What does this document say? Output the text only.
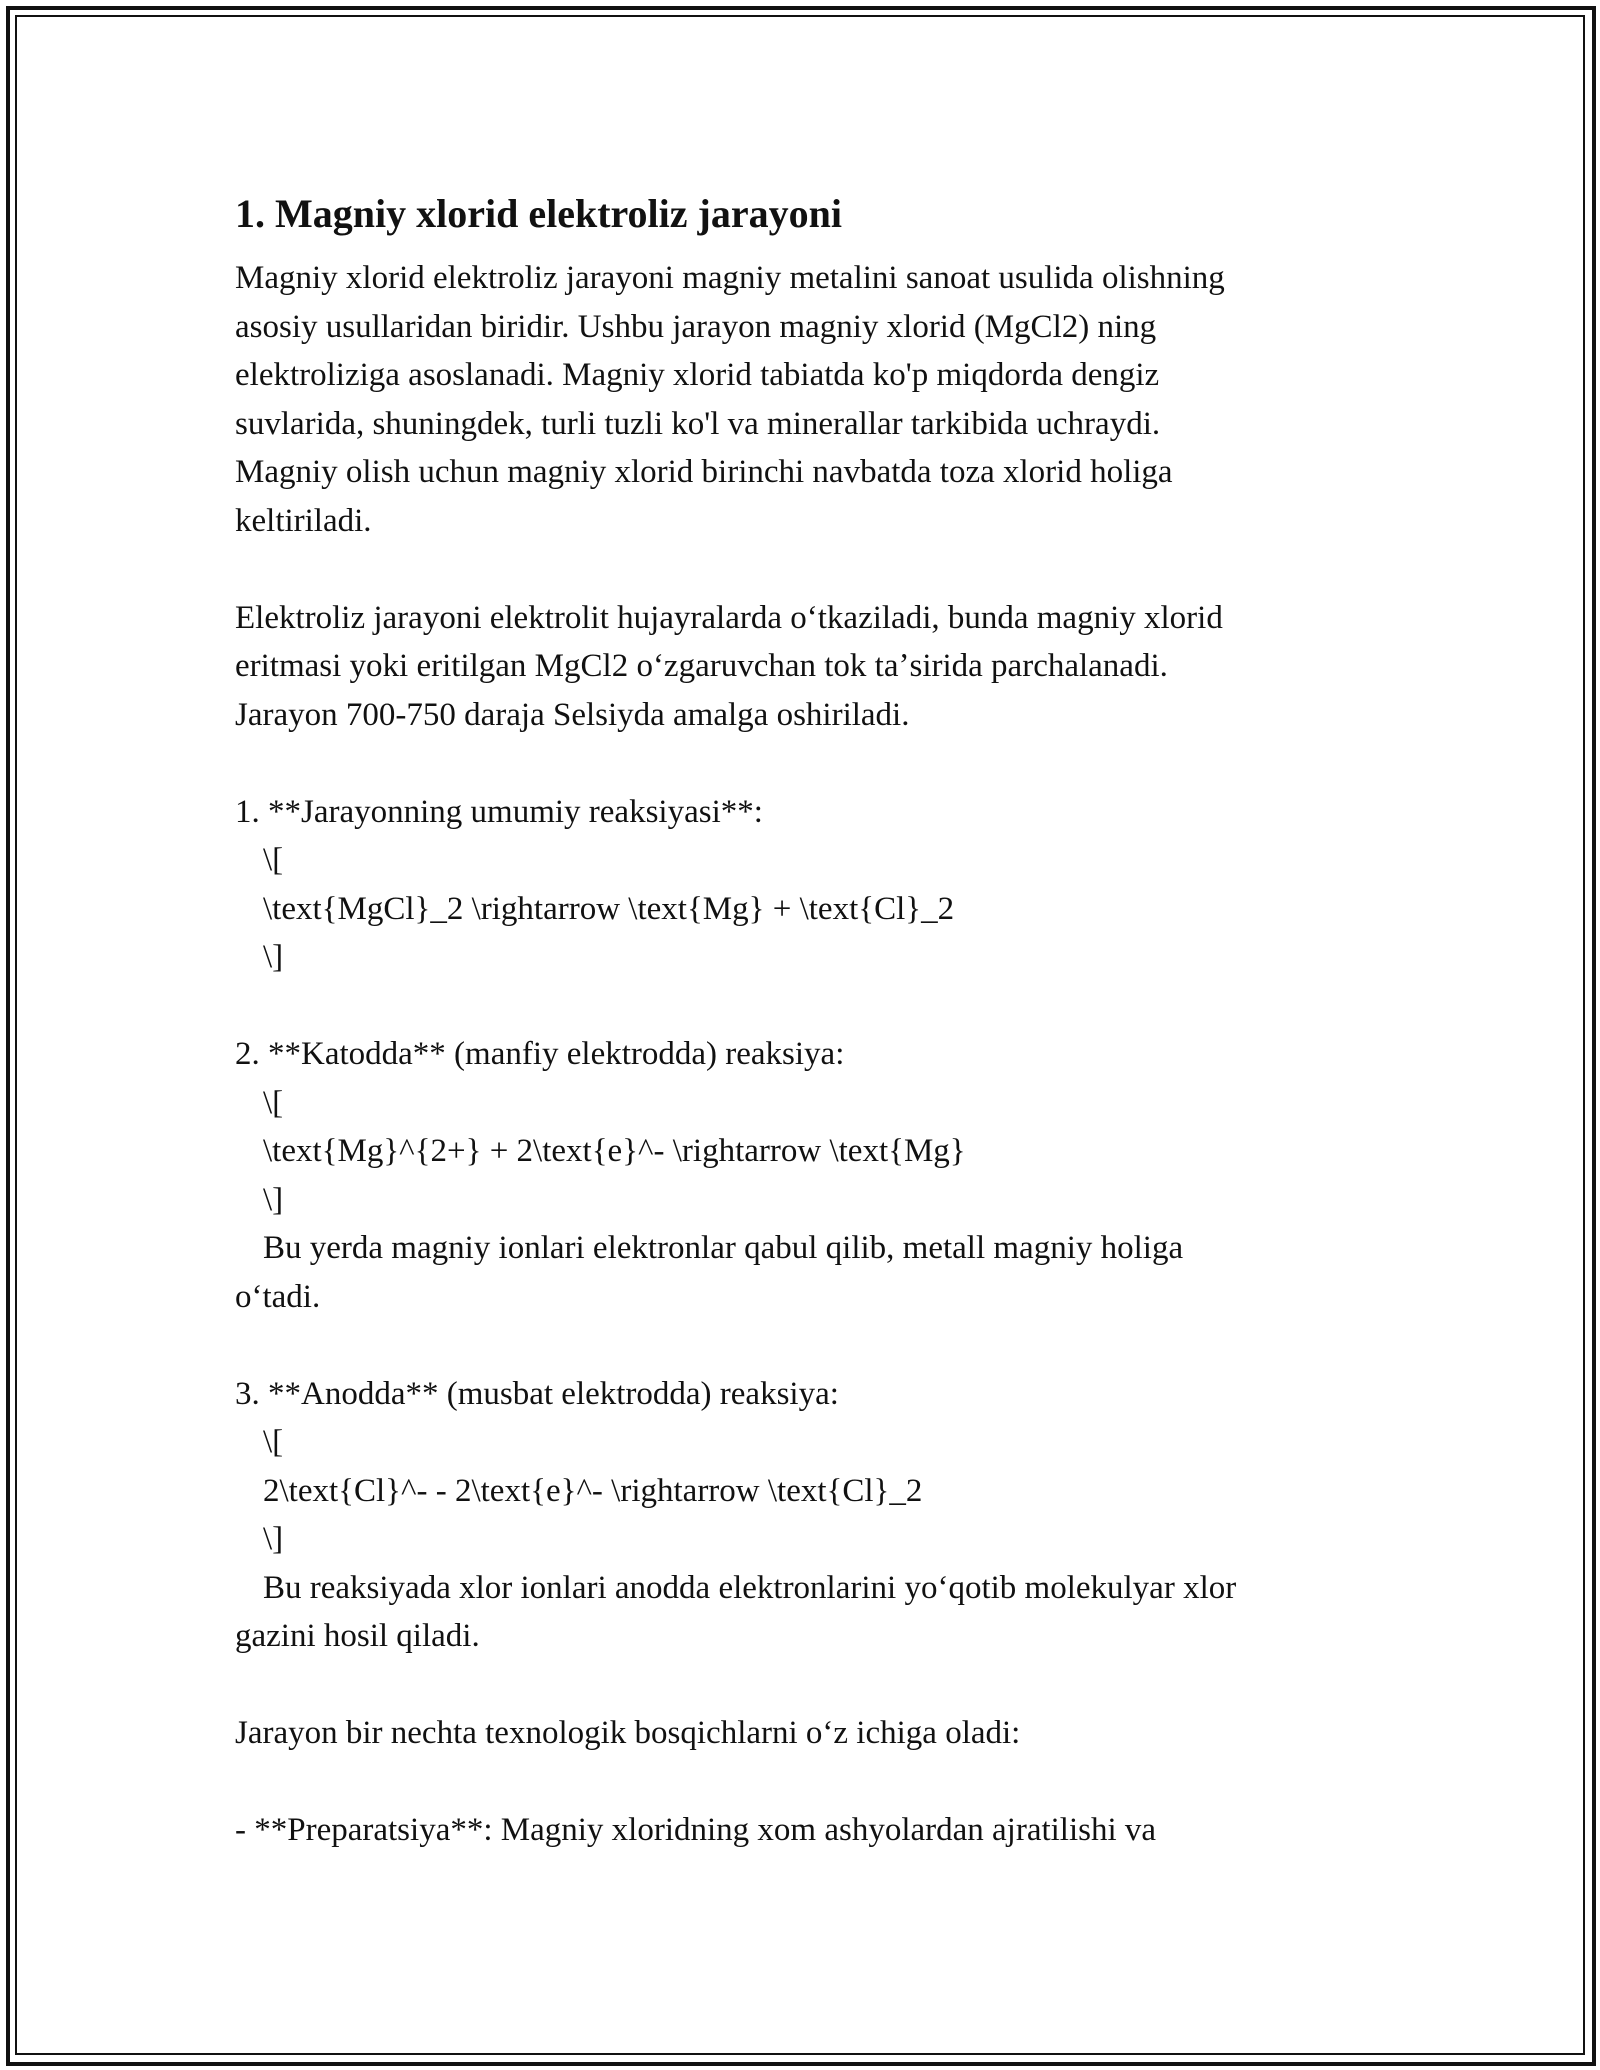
1. Magniy xlorid elektroliz jarayoni

Magniy xlorid elektroliz jarayoni magniy metalini sanoat usulida olishning

asosiy usullaridan biridir. Ushbu jarayon magniy xlorid (MgCl2) ning

elektroliziga asoslanadi. Magniy xlorid tabiatda ko'p miqdorda dengiz

suvlarida, shuningdek, turli tuzli ko'l va minerallar tarkibida uchraydi.

Magniy olish uchun magniy xlorid birinchi navbatda toza xlorid holiga

keltiriladi.

Elektroliz jarayoni elektrolit hujayralarda oʻtkaziladi, bunda magniy xlorid

eritmasi yoki eritilgan MgCl2 oʻzgaruvchan tok taʼsirida parchalanadi.

Jarayon 700-750 daraja Selsiyda amalga oshiriladi.

1. **Jarayonning umumiy reaksiyasi**:

\[

\text{MgCl}_2 \rightarrow \text{Mg} + \text{Cl}_2

\]

2. **Katodda** (manfiy elektrodda) reaksiya:

\[

\text{Mg}^{2+} + 2\text{e}^- \rightarrow \text{Mg}

\]

Bu yerda magniy ionlari elektronlar qabul qilib, metall magniy holiga

oʻtadi.

3. **Anodda** (musbat elektrodda) reaksiya:

\[

2\text{Cl}^- - 2\text{e}^- \rightarrow \text{Cl}_2

\]

Bu reaksiyada xlor ionlari anodda elektronlarini yoʻqotib molekulyar xlor

gazini hosil qiladi.

Jarayon bir nechta texnologik bosqichlarni oʻz ichiga oladi:

- **Preparatsiya**: Magniy xloridning xom ashyolardan ajratilishi va
